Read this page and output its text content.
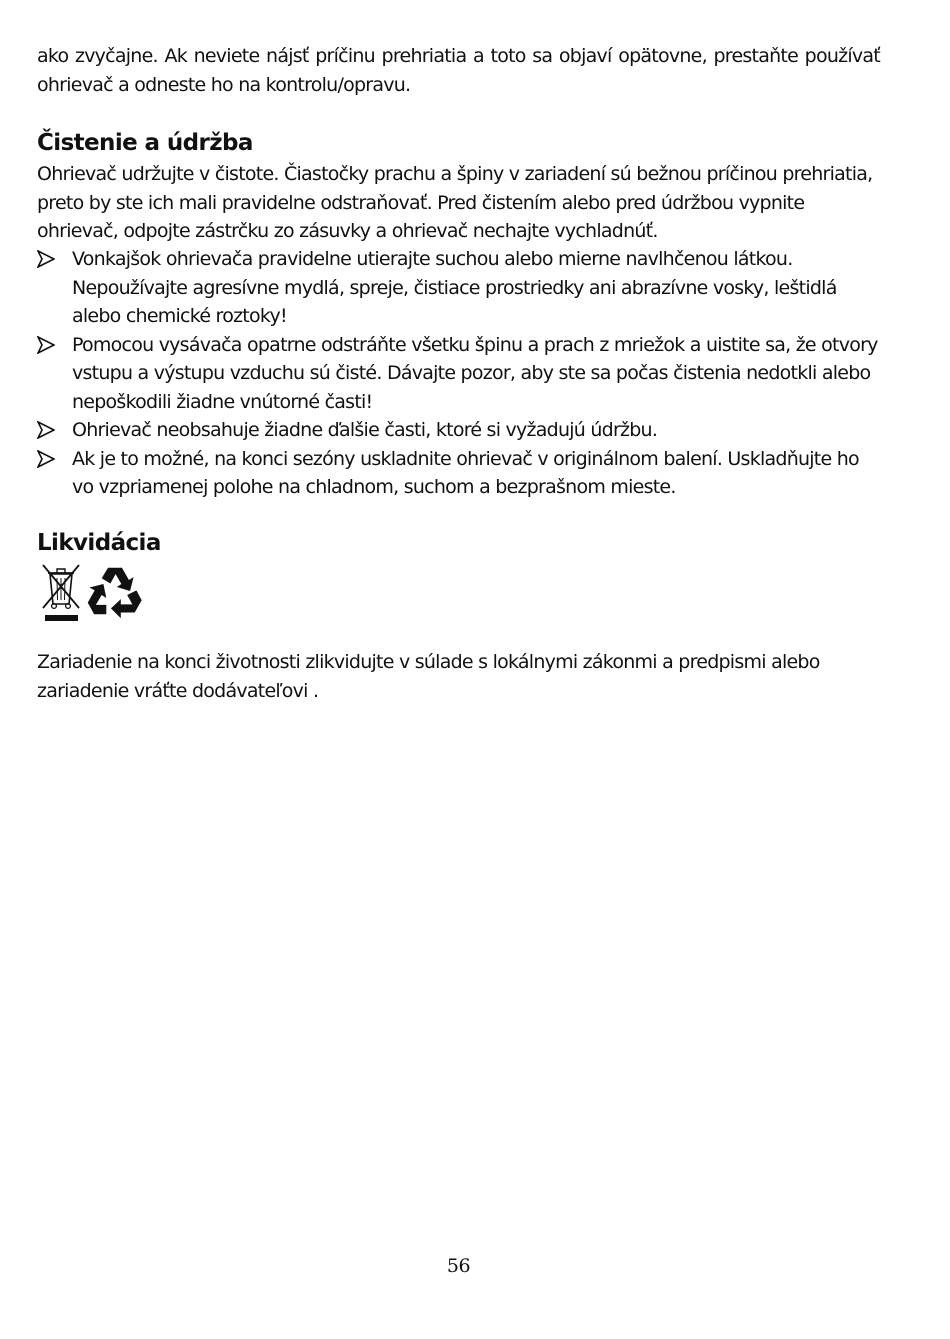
ako zvyčajne. Ak neviete nájsť príčinu prehriatia a toto sa objaví opätovne, prestaňte používať ohrievač a odneste ho na kontrolu/opravu.

Čistenie a údržba

Ohrievač udržujte v čistote. Čiastočky prachu a špiny v zariadení sú bežnou príčinou prehriatia, preto by ste ich mali pravidelne odstraňovať. Pred čistením alebo pred údržbou vypnite ohrievač, odpojte zástrčku zo zásuvky a ohrievač nechajte vychladnúť.

Vonkajšok ohrievača pravidelne utierajte suchou alebo mierne navlhčenou látkou. Nepoužívajte agresívne mydlá, spreje, čistiace prostriedky ani abrazívne vosky, leštidlá alebo chemické roztoky!
Pomocou vysávača opatrne odstráňte všetku špinu a prach z mriežok a uistite sa, že otvory vstupu a výstupu vzduchu sú čisté. Dávajte pozor, aby ste sa počas čistenia nedotkli alebo nepoškodili žiadne vnútorné časti!
Ohrievač neobsahuje žiadne ďalšie časti, ktoré si vyžadujú údržbu.
Ak je to možné, na konci sezóny uskladnite ohrievač v originálnom balení. Uskladňujte ho vo vzpriamenej polohe na chladnom, suchom a bezprašnom mieste.
Likvidácia

Zariadenie na konci životnosti zlikvidujte v súlade s lokálnymi zákonmi a predpismi alebo zariadenie vráťte dodávateľovi .

56
